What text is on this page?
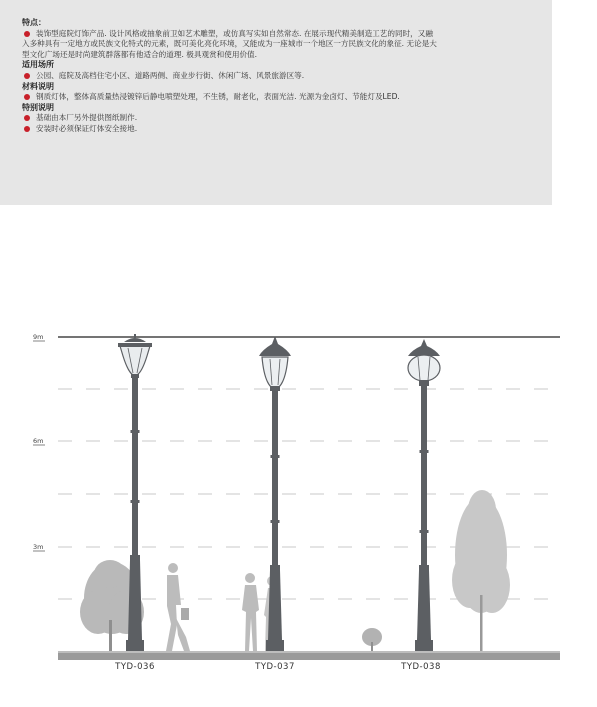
特点：
装饰型庭院灯饰产品. 设计风格或抽象前卫如艺术雕塑，或仿真写实如自然常态. 在展示现代精美制造工艺的同时，又融
入多种具有一定地方或民族文化特式的元素，既可美化亮化环境，又能成为一座城市一个地区一方民族文化的象征. 无论是大
型文化广场还是时尚建筑群落都有他适合的道理. 极具观赏和使用价值.
适用场所
公园、庭院及高档住宅小区、道路两侧、商业步行街、休闲广场、风景旅游区等.
材料说明
钢质灯体，整体高质量热浸镀锌后静电喷塑处理，不生锈，耐老化，表面光洁. 光源为金卤灯、节能灯及LED.
特别说明
基础由本厂另外提供图纸制作.
安装时必须保证灯体安全接地.
9m
6m
3m
TYD-036	TYD-037	TYD-038
